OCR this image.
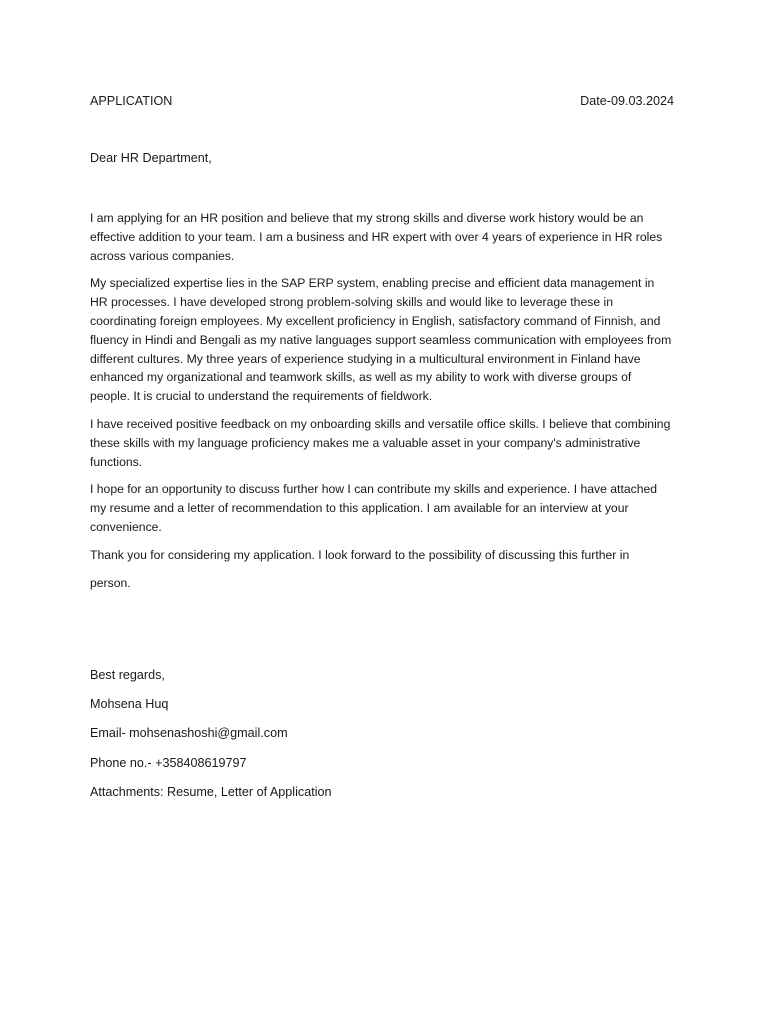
APPLICATION	Date-09.03.2024
Dear HR Department,

I am applying for an HR position and believe that my strong skills and diverse work history would be an effective addition to your team. I am a business and HR expert with over 4 years of experience in HR roles across various companies.

My specialized expertise lies in the SAP ERP system, enabling precise and efficient data management in HR processes. I have developed strong problem-solving skills and would like to leverage these in coordinating foreign employees. My excellent proficiency in English, satisfactory command of Finnish, and fluency in Hindi and Bengali as my native languages support seamless communication with employees from different cultures. My three years of experience studying in a multicultural environment in Finland have enhanced my organizational and teamwork skills, as well as my ability to work with diverse groups of people. It is crucial to understand the requirements of fieldwork.

I have received positive feedback on my onboarding skills and versatile office skills. I believe that combining these skills with my language proficiency makes me a valuable asset in your company's administrative functions.

I hope for an opportunity to discuss further how I can contribute my skills and experience. I have attached my resume and a letter of recommendation to this application. I am available for an interview at your convenience.

Thank you for considering my application. I look forward to the possibility of discussing this further in

person.

Best regards,
Mohsena Huq
Email- mohsenashoshi@gmail.com
Phone no.- +358408619797
Attachments: Resume, Letter of Application
